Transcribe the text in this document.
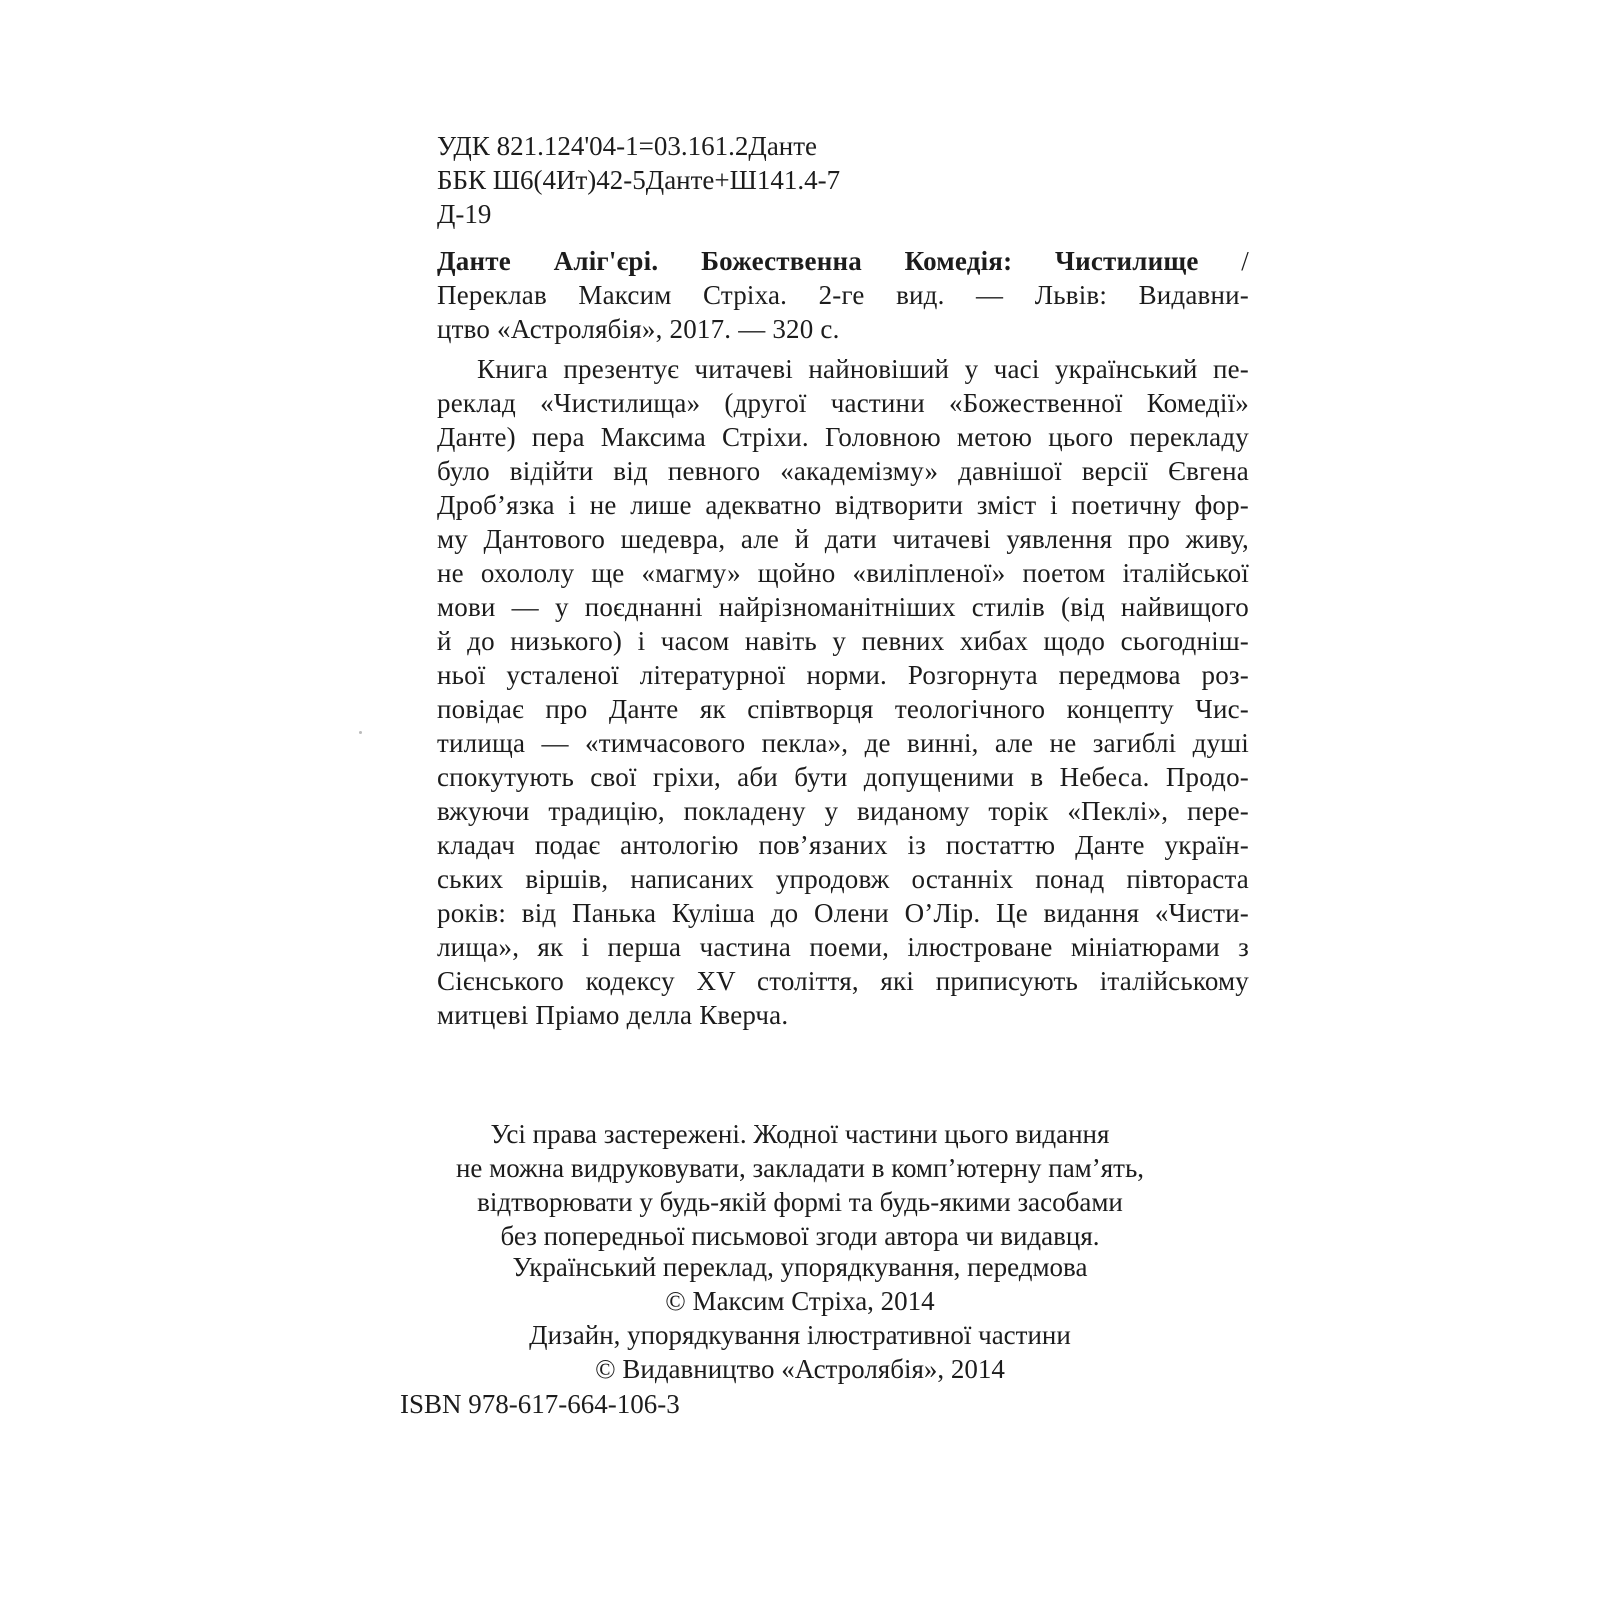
УДК 821.124'04-1=03.161.2Данте
ББК Ш6(4Ит)42-5Данте+Ш141.4-7
Д-19
Данте Аліг'єрі. Божественна Комедія: Чистилище /
Переклав Максим Стріха. 2-ге вид. — Львів: Видавни-
цтво «Астролябія», 2017. — 320 с.
Книга презентує читачеві найновіший у часі український пе-
реклад «Чистилища» (другої частини «Божественної Комедії»
Данте) пера Максима Стріхи. Головною метою цього перекладу
було відійти від певного «академізму» давнішої версії Євгена
Дроб’язка і не лише адекватно відтворити зміст і поетичну фор-
му Дантового шедевра, але й дати читачеві уявлення про живу,
не охололу ще «магму» щойно «виліпленої» поетом італійської
мови — у поєднанні найрізноманітніших стилів (від найвищого
й до низького) і часом навіть у певних хибах щодо сьогоднiш-
ньої усталеної літературної норми. Розгорнута передмова роз-
повідає про Данте як співтворця теологічного концепту Чис-
тилища — «тимчасового пекла», де винні, але не загиблі душі
спокутують свої гріхи, аби бути допущеними в Небеса. Продо-
вжуючи традицію, покладену у виданому торік «Пеклі», пере-
кладач подає антологію пов’язаних із постаттю Данте україн-
ських віршів, написаних упродовж останніх понад півтораста
років: від Панька Куліша до Олени О’Лір. Це видання «Чисти-
лища», як і перша частина поеми, ілюстроване мініатюрами з
Сієнського кодексу XV століття, які приписують італійському
митцеві Пріамо делла Кверча.
Усі права застережені. Жодної частини цього видання
не можна видруковувати, закладати в комп’ютерну пам’ять,
відтворювати у будь-якій формі та будь-якими засобами
без попередньої письмової згоди автора чи видавця.
Український переклад, упорядкування, передмова
© Максим Стріха, 2014
Дизайн, упорядкування ілюстративної частини
© Видавництво «Астролябія», 2014
ISBN 978-617-664-106-3
